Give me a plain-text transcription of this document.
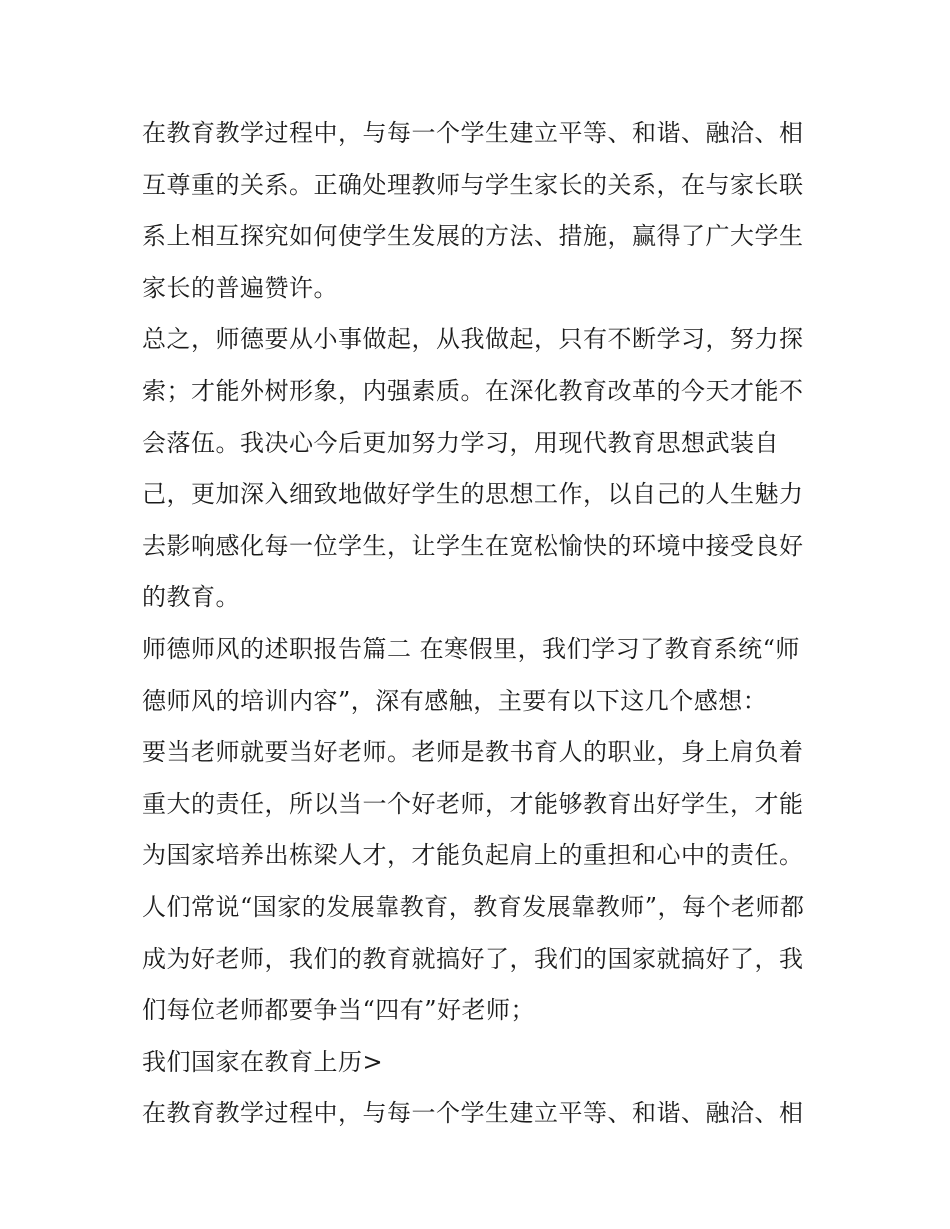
在教育教学过程中，与每一个学生建立平等、和谐、融洽、相
互尊重的关系。正确处理教师与学生家长的关系，在与家长联
系上相互探究如何使学生发展的方法、措施，赢得了广大学生
家长的普遍赞许。
总之，师德要从小事做起，从我做起，只有不断学习，努力探
索；才能外树形象，内强素质。在深化教育改革的今天才能不
会落伍。我决心今后更加努力学习，用现代教育思想武装自
己，更加深入细致地做好学生的思想工作，以自己的人生魅力
去影响感化每一位学生，让学生在宽松愉快的环境中接受良好
的教育。
师德师风的述职报告篇二 在寒假里，我们学习了教育系统“师
德师风的培训内容”，深有感触，主要有以下这几个感想：
要当老师就要当好老师。老师是教书育人的职业，身上肩负着
重大的责任，所以当一个好老师，才能够教育出好学生，才能
为国家培养出栋梁人才，才能负起肩上的重担和心中的责任。
人们常说“国家的发展靠教育，教育发展靠教师”，每个老师都
成为好老师，我们的教育就搞好了，我们的国家就搞好了，我
们每位老师都要争当“四有”好老师；
我们国家在教育上历>
在教育教学过程中，与每一个学生建立平等、和谐、融洽、相
